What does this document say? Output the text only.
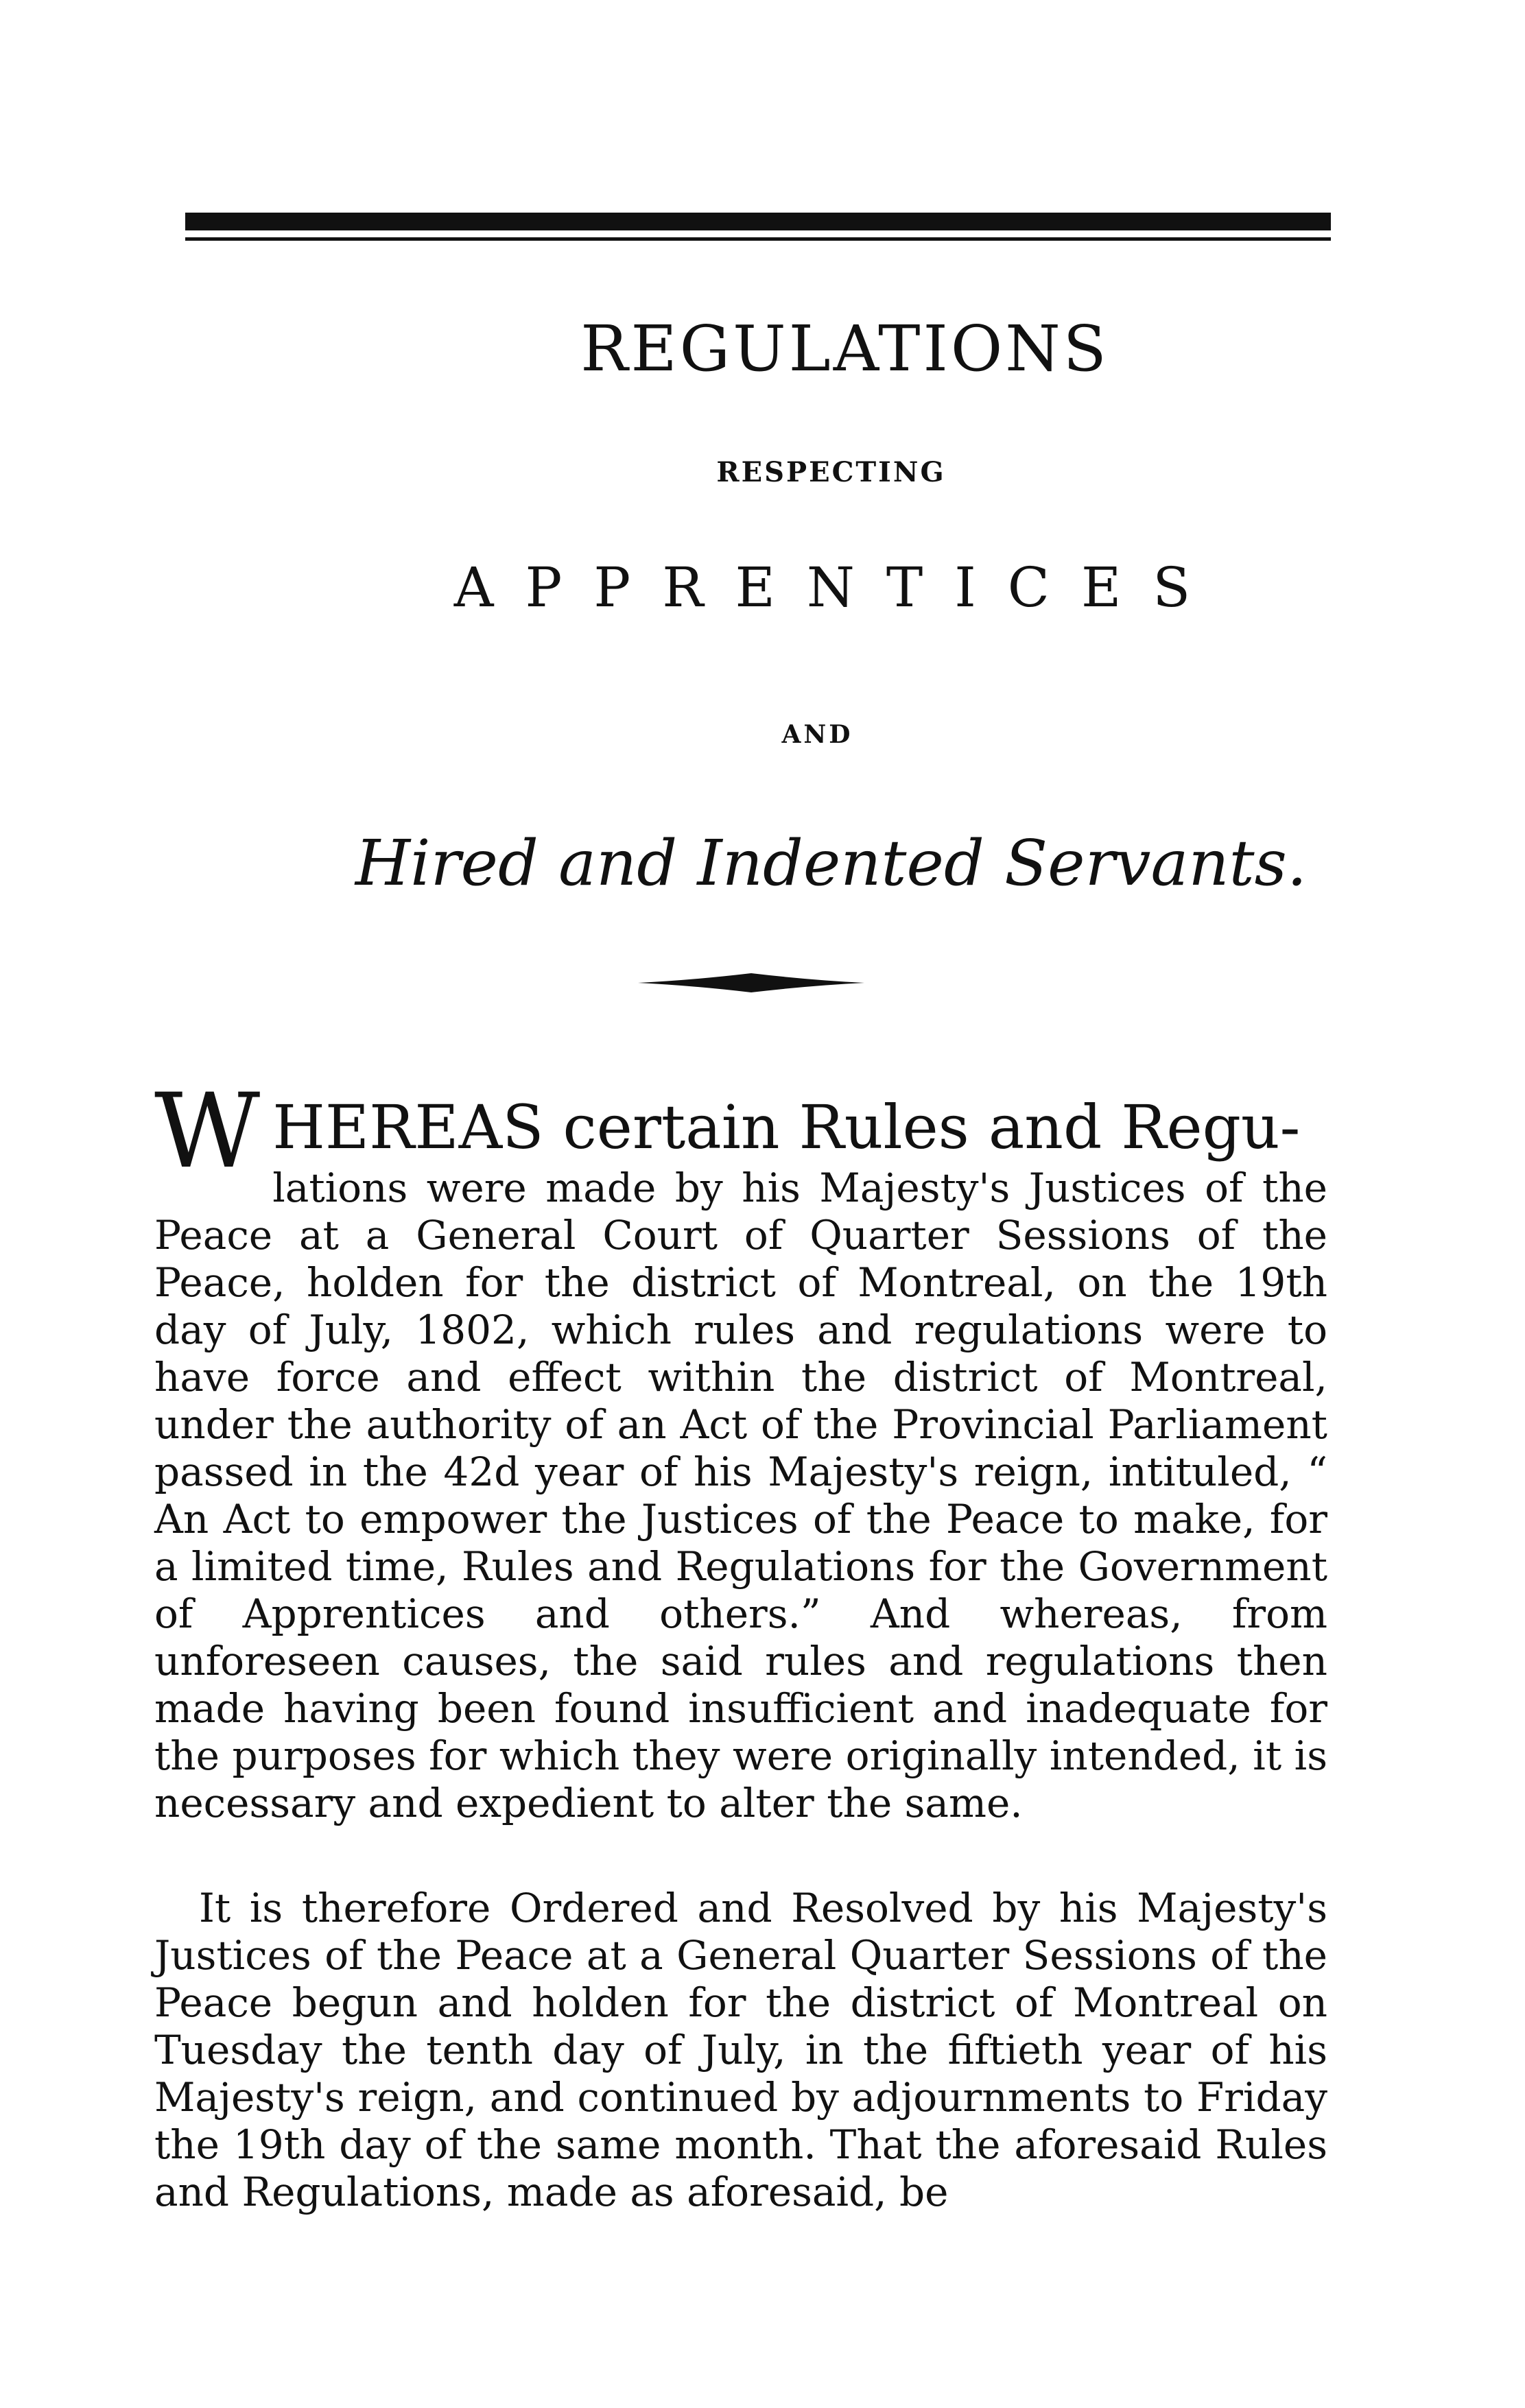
REGULATIONS
RESPECTING
APPRENTICES
AND
Hired and Indented Servants.
W HEREAS certain Rules and Regu-
lations were made by his Majesty's Justices of the Peace at a General Court of Quarter Sessions of the Peace, holden for the district of Montreal, on the 19th day of July, 1802, which rules and regulations were to have force and effect within the district of Montreal, under the authority of an Act of the Provincial Parliament passed in the 42d year of his Majesty's reign, intituled, “ An Act to empower the Justices of the Peace to make, for a limited time, Rules and Regulations for the Government of Apprentices and others.” And whereas, from unforeseen causes, the said rules and regulations then made having been found insufficient and inadequate for the purposes for which they were originally intended, it is necessary and expedient to alter the same.
It is therefore Ordered and Resolved by his Majesty's Justices of the Peace at a General Quarter Sessions of the Peace begun and holden for the district of Montreal on Tuesday the tenth day of July, in the fiftieth year of his Majesty's reign, and continued by adjournments to Friday the 19th day of the same month. That the aforesaid Rules and Regulations, made as aforesaid, be
